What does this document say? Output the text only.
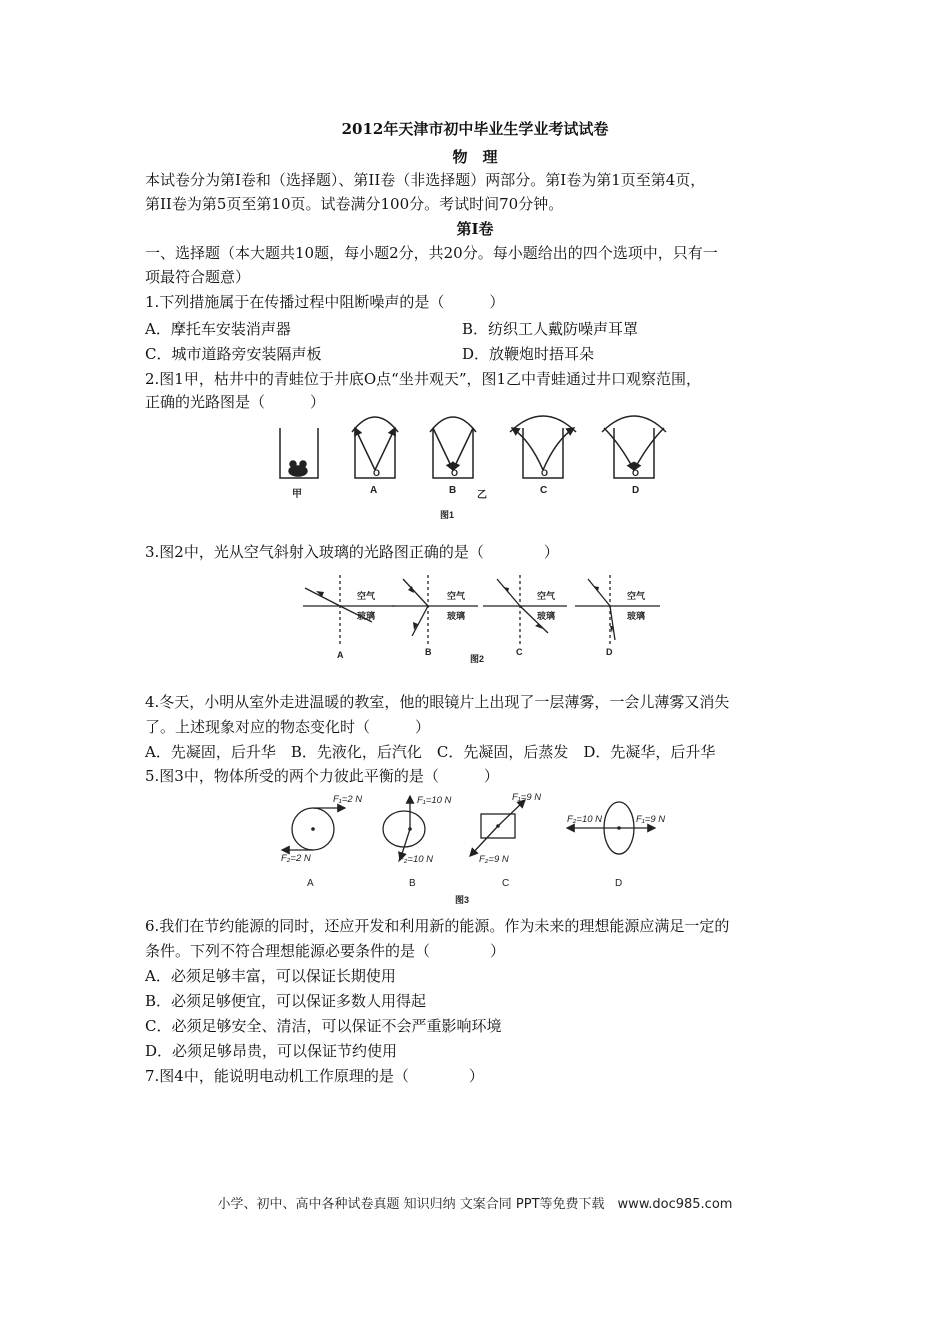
2012年天津市初中毕业生学业考试试卷
物　理
本试卷分为第I卷和（选择题）、第II卷（非选择题）两部分。第I卷为第1页至第4页，
第II卷为第5页至第10页。试卷满分100分。考试时间70分钟。
第I卷
一、选择题（本大题共10题，每小题2分，共20分。每小题给出的四个选项中，只有一
项最符合题意）
1.下列措施属于在传播过程中阻断噪声的是（　　　）
A．摩托车安装消声器	B．纺织工人戴防噪声耳罩
C．城市道路旁安装隔声板	D．放鞭炮时捂耳朵
2.图1甲，枯井中的青蛙位于井底O点“坐井观天”，图1乙中青蛙通过井口观察范围，
正确的光路图是（　　　）
甲	A	B 乙	C	D
O	O	O	O
图1
3.图2中，光从空气斜射入玻璃的光路图正确的是（　　　　）
空气
玻璃
空气
玻璃
空气
玻璃
空气
玻璃
A	B	C	D
图2
4.冬天，小明从室外走进温暖的教室，他的眼镜片上出现了一层薄雾，一会儿薄雾又消失
了。上述现象对应的物态变化时（　　　）
A．先凝固，后升华　B．先液化，后汽化　C．先凝固，后蒸发　D．先凝华，后升华
5.图3中，物体所受的两个力彼此平衡的是（　　　）
F₁=2 N
F₂=2 N
F₁=10 N
F₂=10 N
F₁=9 N
F₂=9 N
F₂=10 N	F₁=9 N
A	B	C	D
图3
6.我们在节约能源的同时，还应开发和利用新的能源。作为未来的理想能源应满足一定的
条件。下列不符合理想能源必要条件的是（　　　　）
A．必须足够丰富，可以保证长期使用
B．必须足够便宜，可以保证多数人用得起
C．必须足够安全、清洁，可以保证不会严重影响环境
D．必须足够昂贵，可以保证节约使用
7.图4中，能说明电动机工作原理的是（　　　　）
小学、初中、高中各种试卷真题 知识归纳 文案合同 PPT等免费下载　www.doc985.com
